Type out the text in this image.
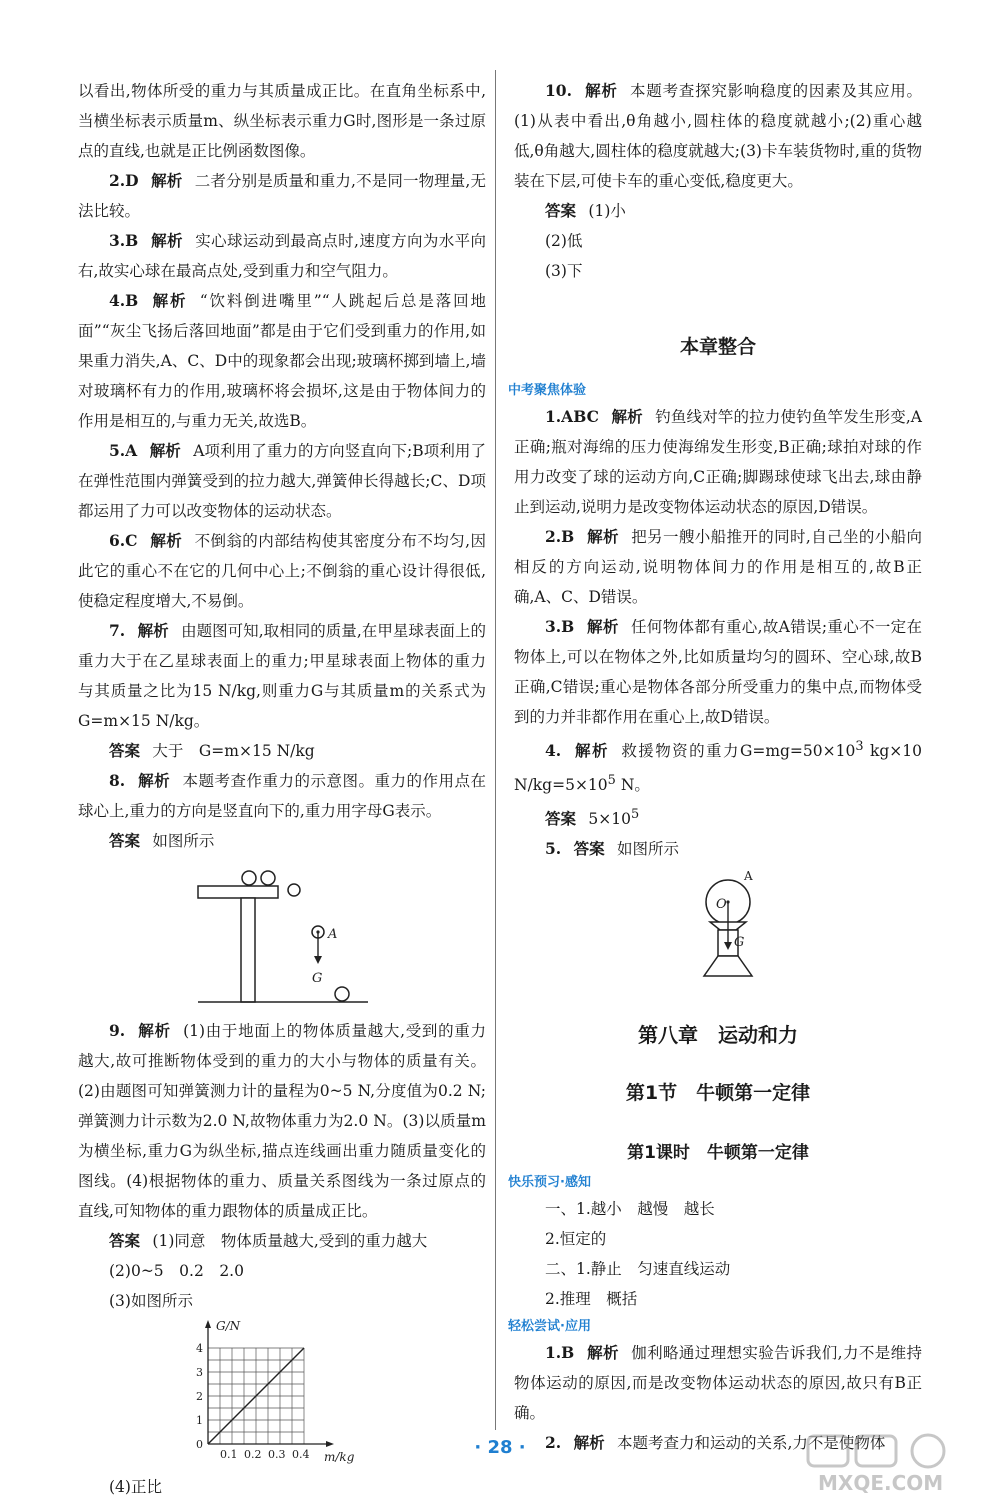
以看出,物体所受的重力与其质量成正比。在直角坐标系中,当横坐标表示质量m、纵坐标表示重力G时,图形是一条过原点的直线,也就是正比例函数图像。

2.D 解析 二者分别是质量和重力,不是同一物理量,无法比较。

3.B 解析 实心球运动到最高点时,速度方向为水平向右,故实心球在最高点处,受到重力和空气阻力。

4.B 解析 “饮料倒进嘴里”“人跳起后总是落回地面”“灰尘飞扬后落回地面”都是由于它们受到重力的作用,如果重力消失,A、C、D中的现象都会出现;玻璃杯掷到墙上,墙对玻璃杯有力的作用,玻璃杯将会损坏,这是由于物体间力的作用是相互的,与重力无关,故选B。

5.A 解析 A项利用了重力的方向竖直向下;B项利用了在弹性范围内弹簧受到的拉力越大,弹簧伸长得越长;C、D项都运用了力可以改变物体的运动状态。

6.C 解析 不倒翁的内部结构使其密度分布不均匀,因此它的重心不在它的几何中心上;不倒翁的重心设计得很低,使稳定程度增大,不易倒。

7. 解析 由题图可知,取相同的质量,在甲星球表面上的重力大于在乙星球表面上的重力;甲星球表面上物体的重力与其质量之比为15 N/kg,则重力G与其质量m的关系式为G=m×15 N/kg。

答案 大于　G=m×15 N/kg

8. 解析 本题考查作重力的示意图。重力的作用点在球心上,重力的方向是竖直向下的,重力用字母G表示。

答案 如图所示

A
G

9. 解析 (1)由于地面上的物体质量越大,受到的重力越大,故可推断物体受到的重力的大小与物体的质量有关。(2)由题图可知弹簧测力计的量程为0~5 N,分度值为0.2 N;弹簧测力计示数为2.0 N,故物体重力为2.0 N。(3)以质量m为横坐标,重力G为纵坐标,描点连线画出重力随质量变化的图线。(4)根据物体的重力、质量关系图线为一条过原点的直线,可知物体的重力跟物体的质量成正比。

答案 (1)同意　物体质量越大,受到的重力越大

(2)0~5　0.2　2.0

(3)如图所示

G/N
m/kg
0
1
2
3
4
0.1 0.2 0.3 0.4

(4)正比

10. 解析 本题考查探究影响稳度的因素及其应用。(1)从表中看出,θ角越小,圆柱体的稳度就越小;(2)重心越低,θ角越大,圆柱体的稳度就越大;(3)卡车装货物时,重的货物装在下层,可使卡车的重心变低,稳度更大。

答案 (1)小

(2)低

(3)下

本章整合

中考聚焦体验

1.ABC 解析 钓鱼线对竿的拉力使钓鱼竿发生形变,A正确;瓶对海绵的压力使海绵发生形变,B正确;球拍对球的作用力改变了球的运动方向,C正确;脚踢球使球飞出去,球由静止到运动,说明力是改变物体运动状态的原因,D错误。

2.B 解析 把另一艘小船推开的同时,自己坐的小船向相反的方向运动,说明物体间力的作用是相互的,故B正确,A、C、D错误。

3.B 解析 任何物体都有重心,故A错误;重心不一定在物体上,可以在物体之外,比如质量均匀的圆环、空心球,故B正确,C错误;重心是物体各部分所受重力的集中点,而物体受到的力并非都作用在重心上,故D错误。

4. 解析 救援物资的重力$G=mg=50\times 10^3$ kg×10 $N/kg=5\times 10^5$ N。

答案 $5\times 10^5$

5. 答案 如图所示

O
G
A

第八章　运动和力

第1节　牛顿第一定律

第1课时　牛顿第一定律

快乐预习·感知

一、1.越小　越慢　越长

2.恒定的

二、1.静止　匀速直线运动

2.推理　概括

轻松尝试·应用

1.B 解析 伽利略通过理想实验告诉我们,力不是维持物体运动的原因,而是改变物体运动状态的原因,故只有B正确。

2. 解析 本题考查力和运动的关系,力不是使物体

· 28 ·
MXQE.COM
